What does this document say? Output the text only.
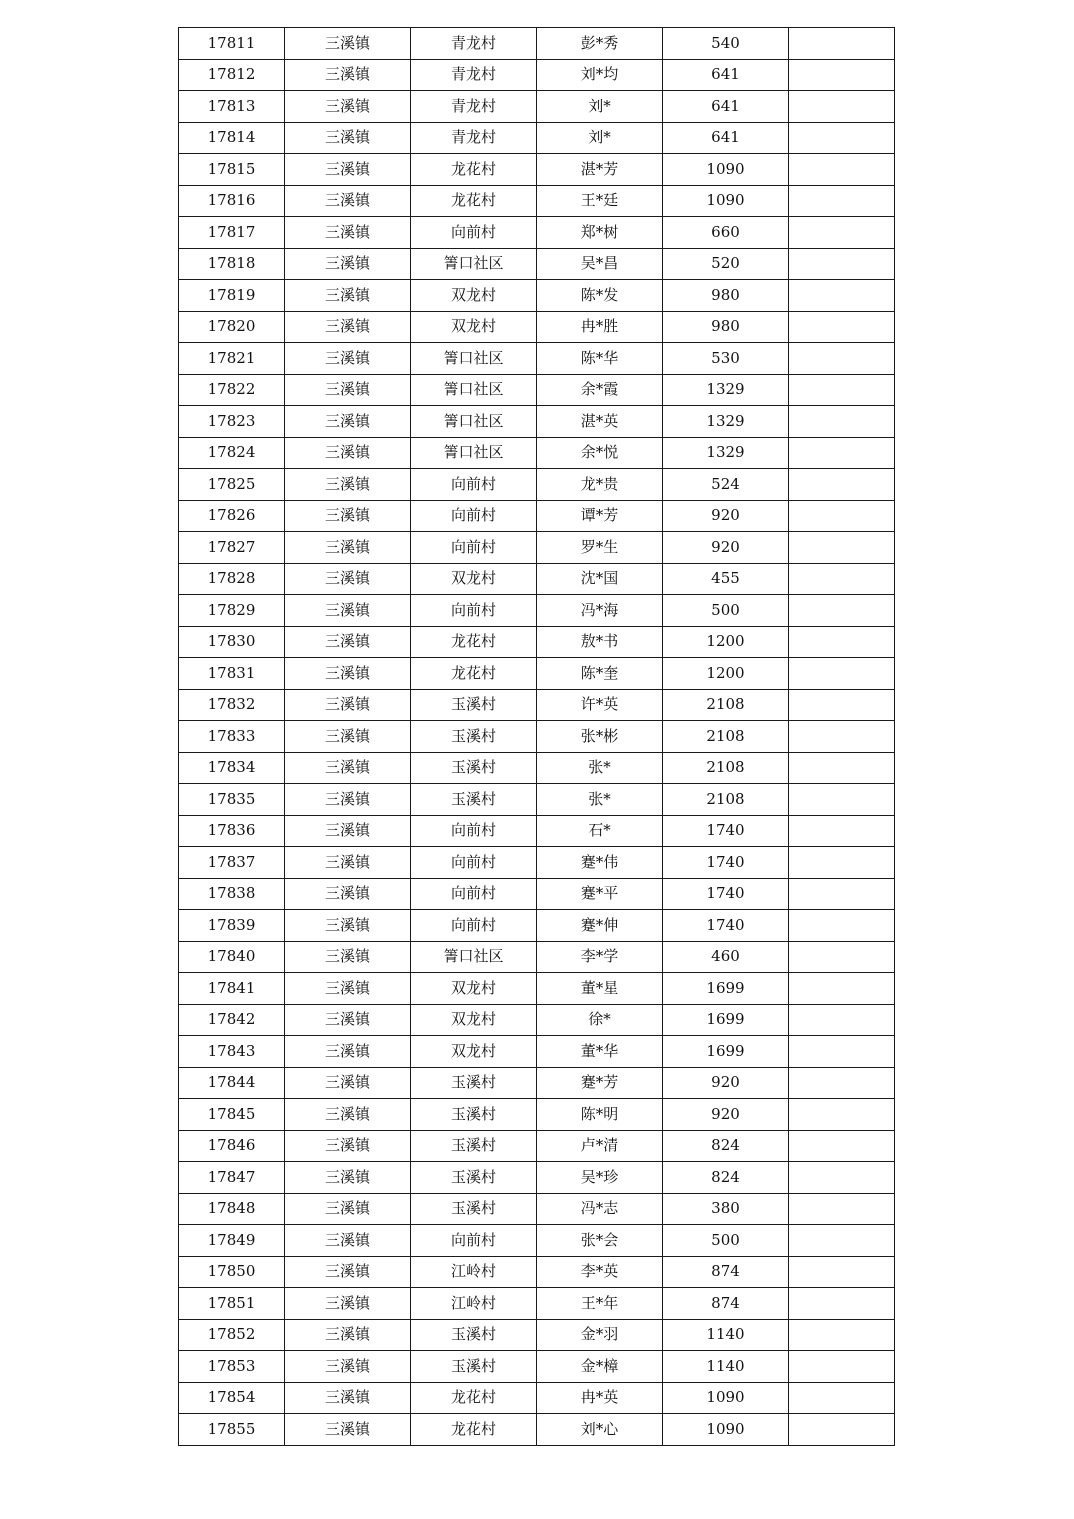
17811	三溪镇	青龙村	彭*秀	540	
17812	三溪镇	青龙村	刘*均	641	
17813	三溪镇	青龙村	刘*	641	
17814	三溪镇	青龙村	刘*	641	
17815	三溪镇	龙花村	湛*芳	1090	
17816	三溪镇	龙花村	王*廷	1090	
17817	三溪镇	向前村	郑*树	660	
17818	三溪镇	箐口社区	吴*昌	520	
17819	三溪镇	双龙村	陈*发	980	
17820	三溪镇	双龙村	冉*胜	980	
17821	三溪镇	箐口社区	陈*华	530	
17822	三溪镇	箐口社区	余*霞	1329	
17823	三溪镇	箐口社区	湛*英	1329	
17824	三溪镇	箐口社区	余*悦	1329	
17825	三溪镇	向前村	龙*贵	524	
17826	三溪镇	向前村	谭*芳	920	
17827	三溪镇	向前村	罗*生	920	
17828	三溪镇	双龙村	沈*国	455	
17829	三溪镇	向前村	冯*海	500	
17830	三溪镇	龙花村	敖*书	1200	
17831	三溪镇	龙花村	陈*奎	1200	
17832	三溪镇	玉溪村	许*英	2108	
17833	三溪镇	玉溪村	张*彬	2108	
17834	三溪镇	玉溪村	张*	2108	
17835	三溪镇	玉溪村	张*	2108	
17836	三溪镇	向前村	石*	1740	
17837	三溪镇	向前村	蹇*伟	1740	
17838	三溪镇	向前村	蹇*平	1740	
17839	三溪镇	向前村	蹇*伸	1740	
17840	三溪镇	箐口社区	李*学	460	
17841	三溪镇	双龙村	董*星	1699	
17842	三溪镇	双龙村	徐*	1699	
17843	三溪镇	双龙村	董*华	1699	
17844	三溪镇	玉溪村	蹇*芳	920	
17845	三溪镇	玉溪村	陈*明	920	
17846	三溪镇	玉溪村	卢*清	824	
17847	三溪镇	玉溪村	吴*珍	824	
17848	三溪镇	玉溪村	冯*志	380	
17849	三溪镇	向前村	张*会	500	
17850	三溪镇	江岭村	李*英	874	
17851	三溪镇	江岭村	王*年	874	
17852	三溪镇	玉溪村	金*羽	1140	
17853	三溪镇	玉溪村	金*樟	1140	
17854	三溪镇	龙花村	冉*英	1090	
17855	三溪镇	龙花村	刘*心	1090	
